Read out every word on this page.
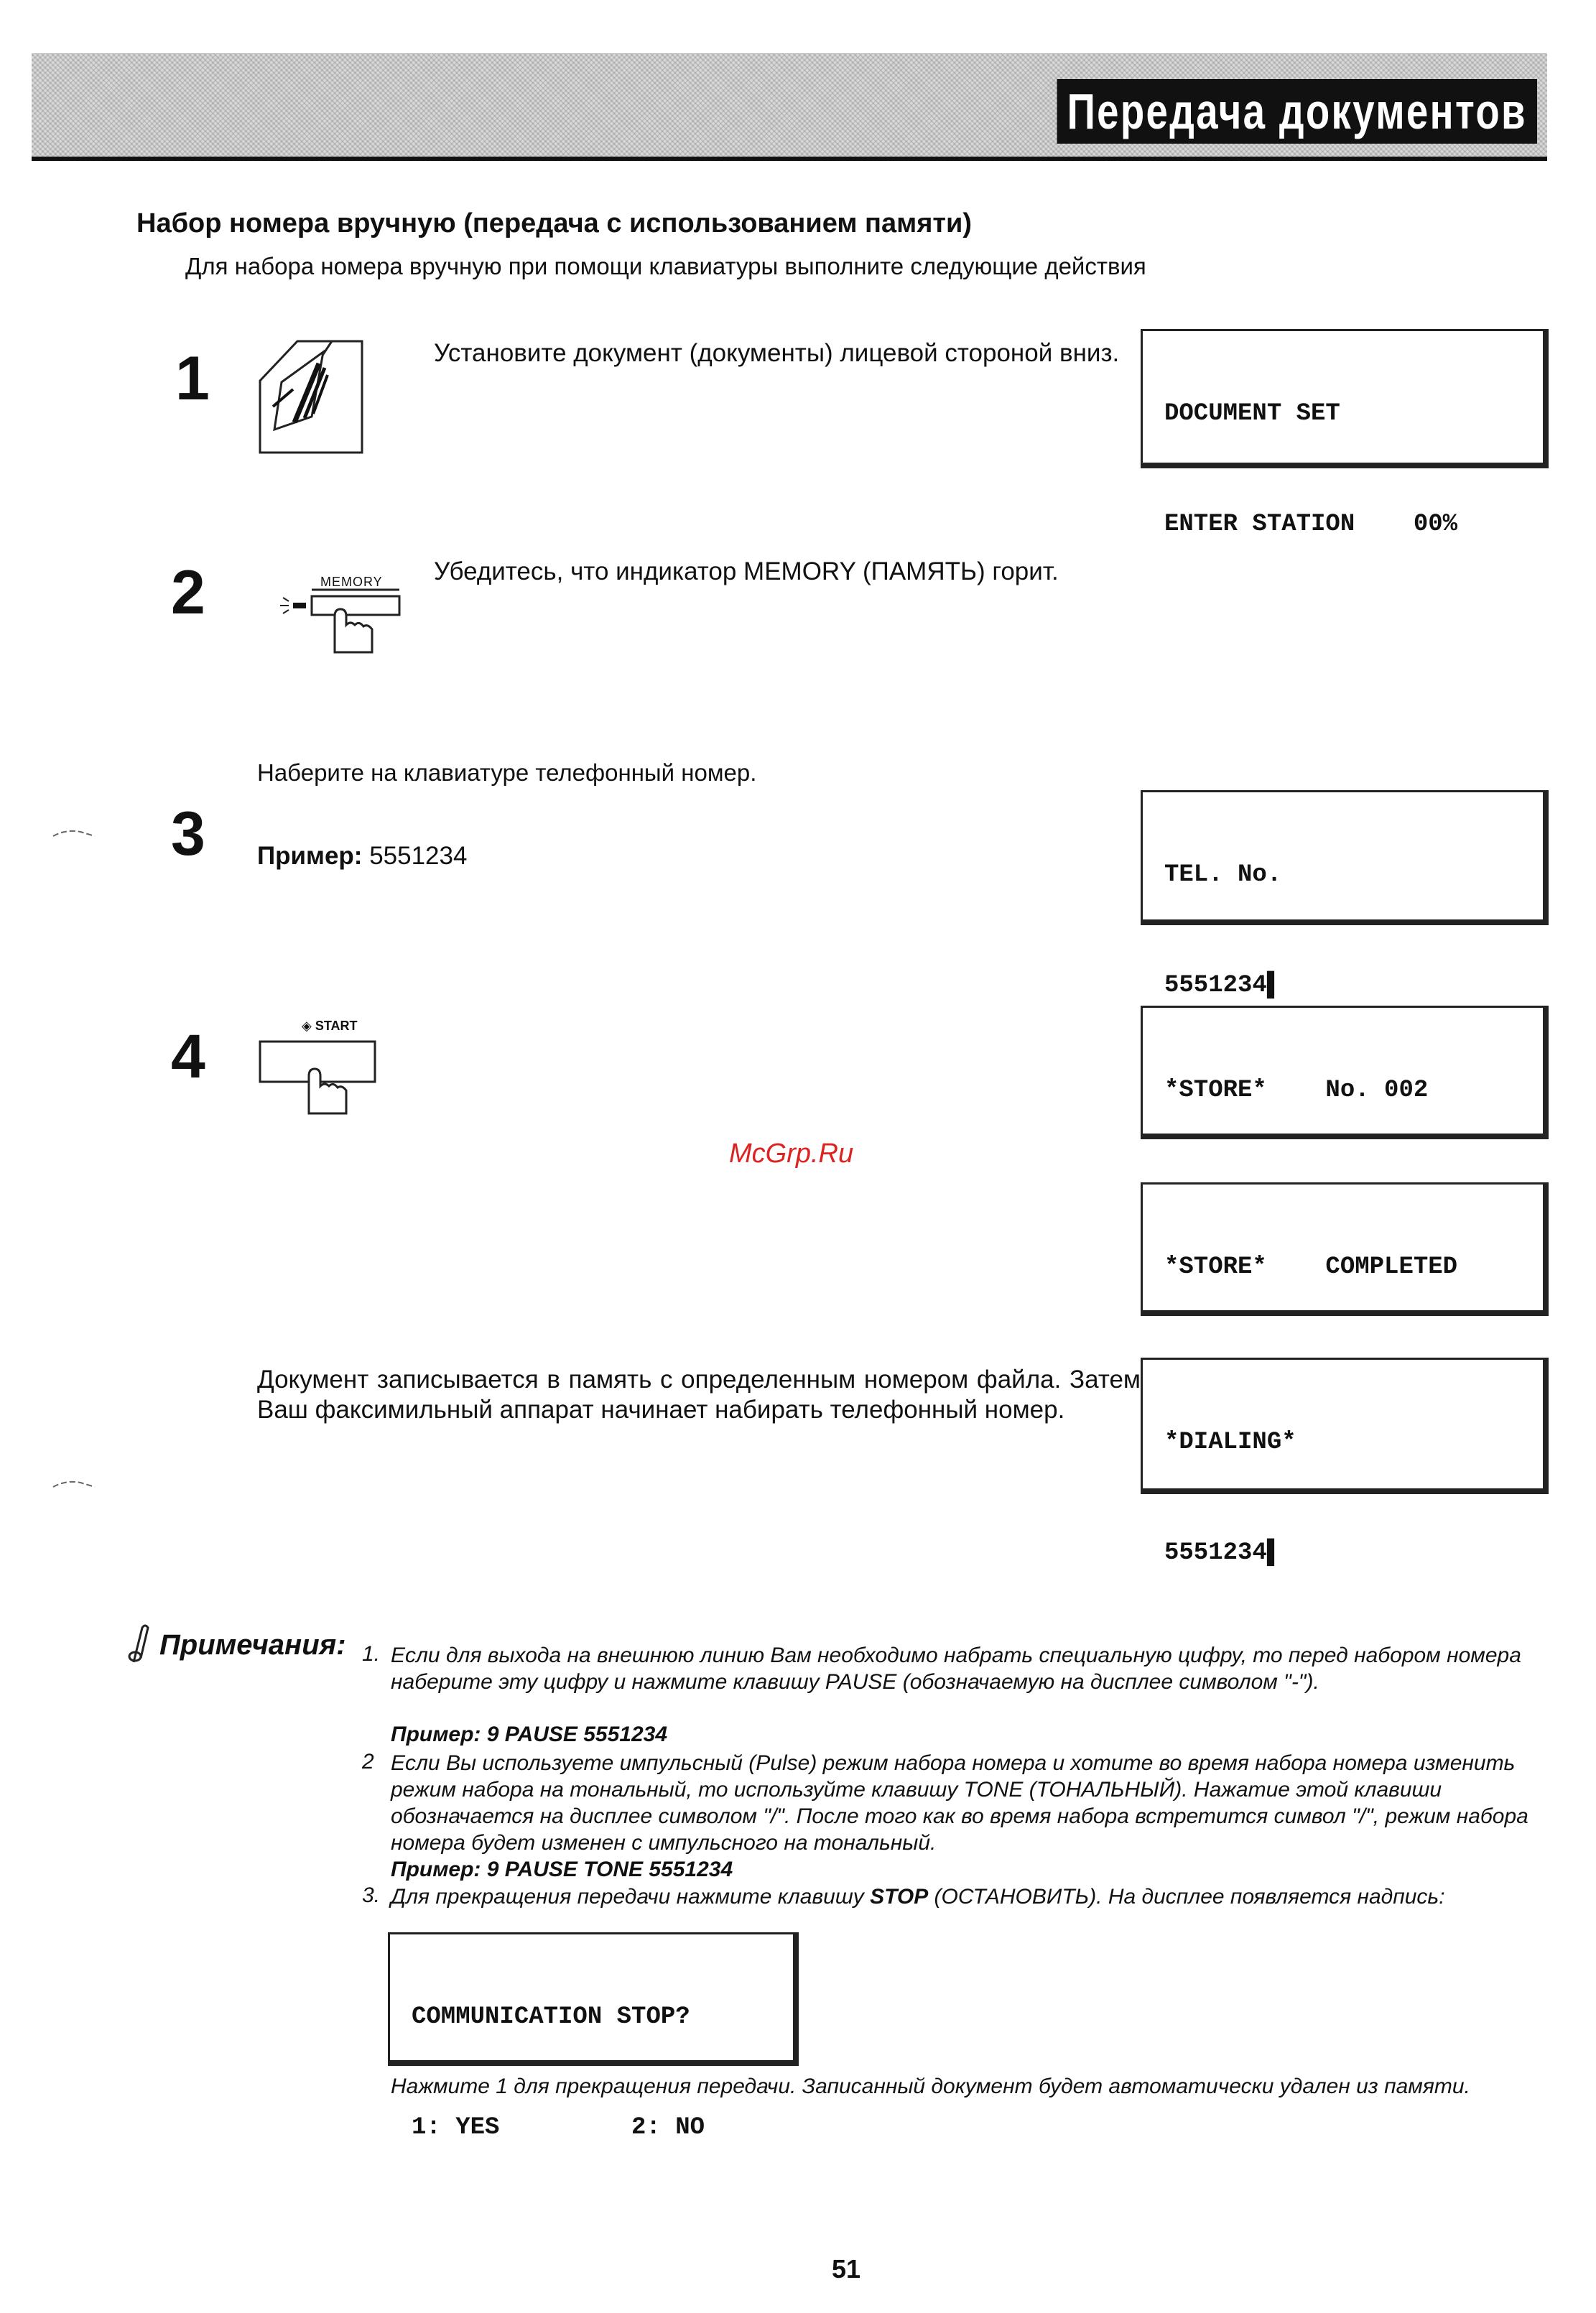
Передача документов
Набор номера вручную (передача с использованием памяти)
Для набора номера вручную при помощи клавиатуры выполните следующие действия
1	Установите документ (документы) лицевой стороной вниз.

DOCUMENT SET

ENTER STATION    00%

2	MEMORY Убедитесь, что индикатор MEMORY (ПАМЯТЬ) горит.
Наберите на клавиатуре телефонный номер.
3 Пример: 5551234

TEL. No.

5551234▌

4	◈ START

*STORE*    No. 002

McGrp.Ru

*STORE*    COMPLETED

Документ записывается в память с определенным номером файла. Затем Ваш факсимильный аппарат начинает набирать телефонный номер.

*DIALING*

5551234▌

Примечания: 1. Если для выхода на внешнюю линию Вам необходимо набрать специальную цифру, то перед набором номера наберите эту цифру и нажмите клавишу PAUSE (обозначаемую на дисплее символом "-").
Пример: 9 PAUSE 5551234
2 Если Вы используете импульсный (Pulse) режим набора номера и хотите во время набора номера изменить режим набора на тональный, то используйте клавишу TONE (ТОНАЛЬНЫЙ). Нажатие этой клавиши обозначается на дисплее символом "/". После того как во время набора встретится символ "/", режим набора номера будет изменен с импульсного на тональный.
Пример: 9 PAUSE TONE 5551234
3. Для прекращения передачи нажмите клавишу STOP (ОСТАНОВИТЬ). На дисплее появляется надпись:

COMMUNICATION STOP?

1: YES         2: NO

Нажмите 1 для прекращения передачи. Записанный документ будет автоматически удален из памяти.
51
